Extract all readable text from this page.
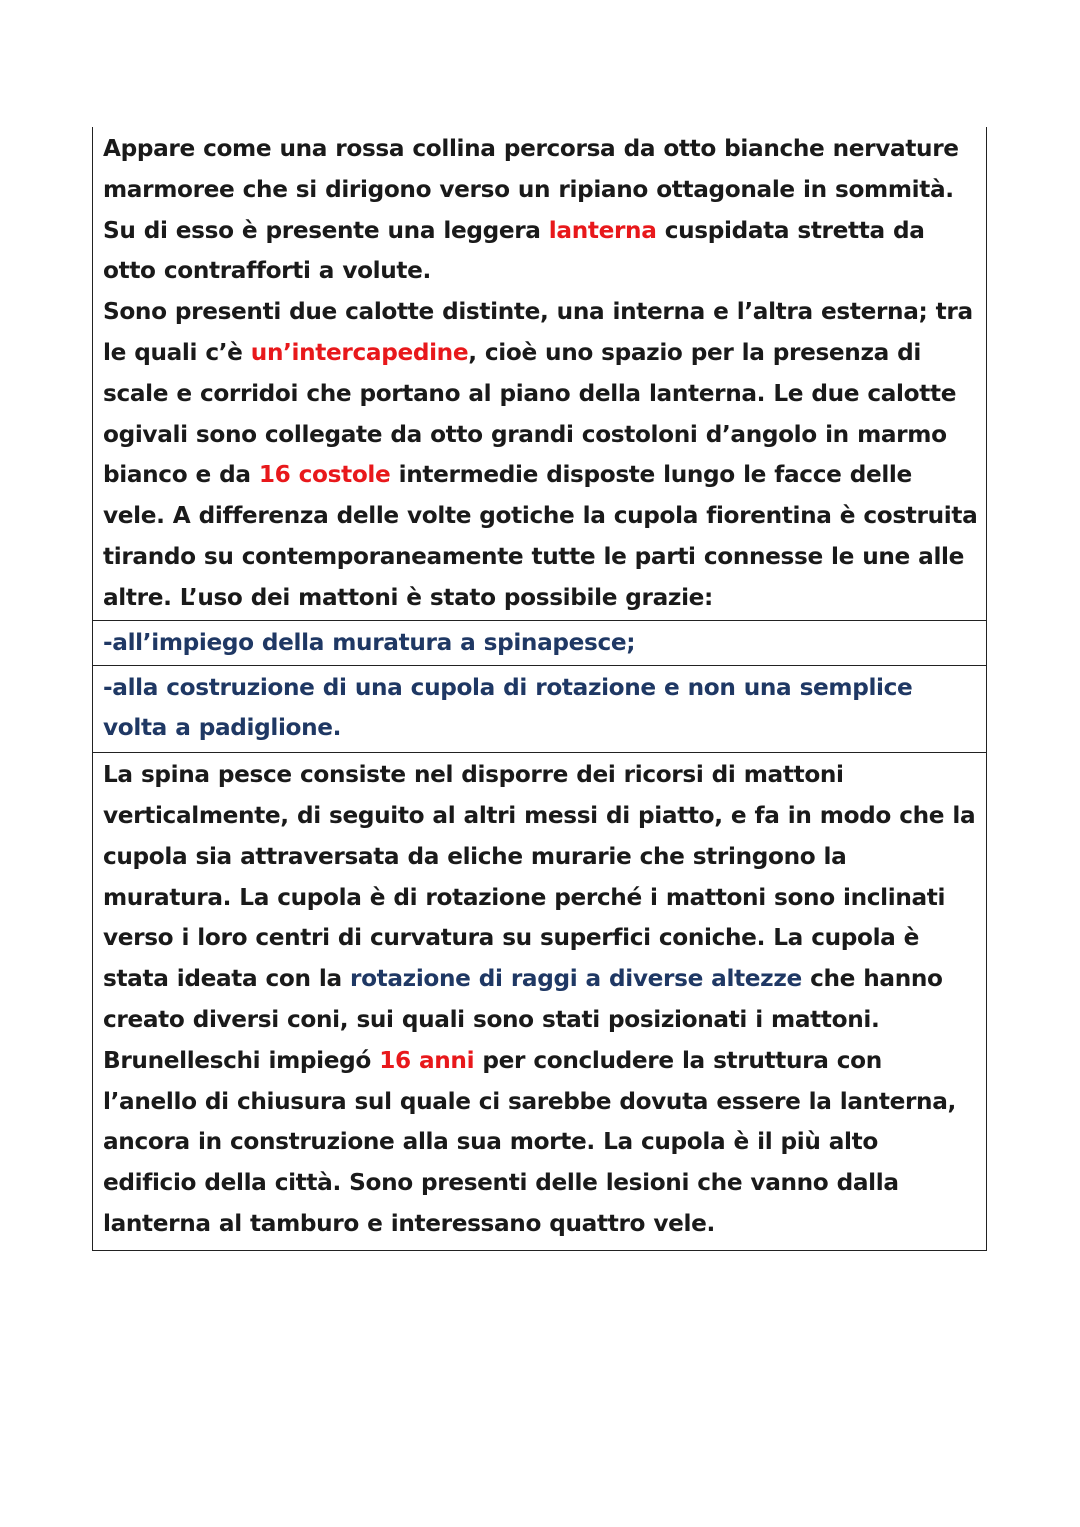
Appare come una rossa collina percorsa da otto bianche nervature marmoree che si dirigono verso un ripiano ottagonale in sommità. Su di esso è presente una leggera lanterna cuspidata stretta da otto contrafforti a volute.

Sono presenti due calotte distinte, una interna e l’altra esterna; tra le quali c’è un’intercapedine, cioè uno spazio per la presenza di scale e corridoi che portano al piano della lanterna. Le due calotte ogivali sono collegate da otto grandi costoloni d’angolo in marmo bianco e da 16 costole intermedie disposte lungo le facce delle vele. A differenza delle volte gotiche la cupola fiorentina è costruita tirando su contemporaneamente tutte le parti connesse le une alle altre. L’uso dei mattoni è stato possibile grazie:

-all’impiego della muratura a spinapesce;

-alla costruzione di una cupola di rotazione e non una semplice volta a padiglione.

La spina pesce consiste nel disporre dei ricorsi di mattoni verticalmente, di seguito al altri messi di piatto, e fa in modo che la cupola sia attraversata da eliche murarie che stringono la muratura. La cupola è di rotazione perché i mattoni sono inclinati verso i loro centri di curvatura su superfici coniche. La cupola è stata ideata con la rotazione di raggi a diverse altezze che hanno creato diversi coni, sui quali sono stati posizionati i mattoni. Brunelleschi impiegó 16 anni per concludere la struttura con l’anello di chiusura sul quale ci sarebbe dovuta essere la lanterna, ancora in construzione alla sua morte. La cupola è il più alto edificio della città. Sono presenti delle lesioni che vanno dalla lanterna al tamburo e interessano quattro vele.
